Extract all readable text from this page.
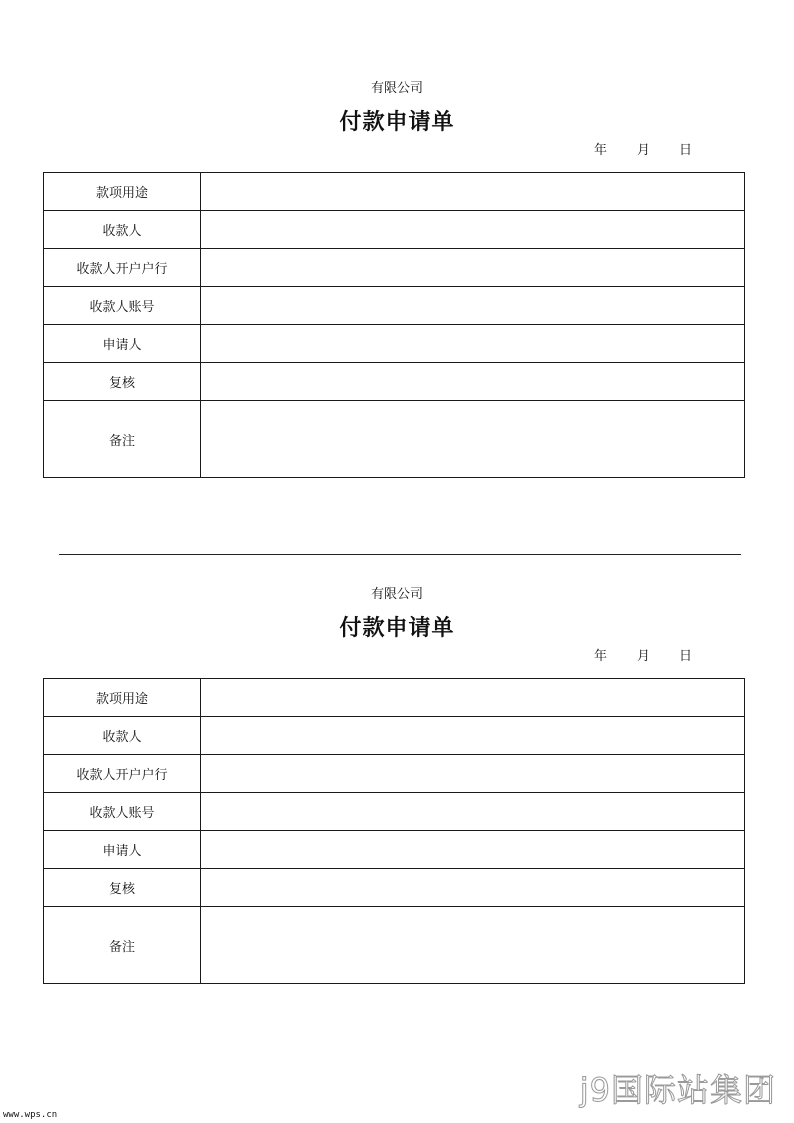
有限公司
付款申请单
年 月 日
款项用途	
收款人	
收款人开户户行	
收款人账号	
申请人	
复核	
备注	
有限公司
付款申请单
年 月 日
款项用途	
收款人	
收款人开户户行	
收款人账号	
申请人	
复核	
备注	
www.wps.cn
j9国际站集团
